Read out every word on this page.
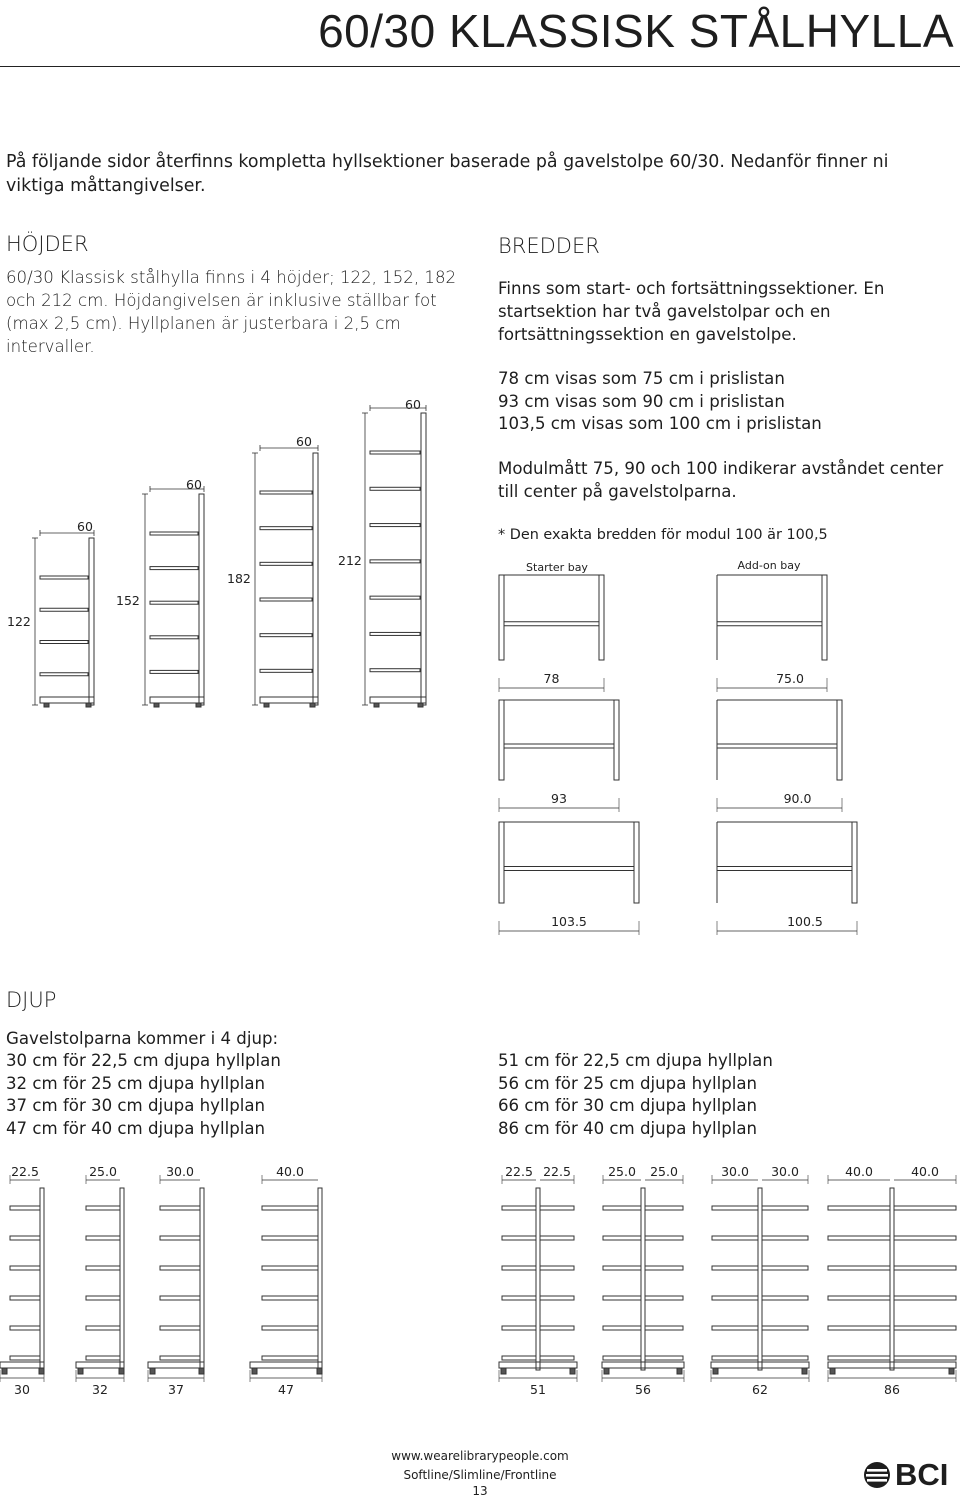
60/30 KLASSISK STÅLHYLLA
På följande sidor återfinns kompletta hyllsektioner baserade på gavelstolpe 60/30. Nedanför finner ni viktiga måttangivelser.
HÖJDER
60/30 Klassisk stålhylla finns i 4 höjder; 122, 152, 182 och 212 cm. Höjdangivelsen är inklusive ställbar fot (max 2,5 cm). Hyllplanen är justerbara i 2,5 cm intervaller.
BREDDER
Finns som start- och fortsättningssektioner. En startsektion har två gavelstolpar och en fortsättningssektion en gavelstolpe.
78 cm visas som 75 cm i prislistan
93 cm visas som 90 cm i prislistan
103,5 cm visas som 100 cm i prislistan
Modulmått 75, 90 och 100 indikerar avståndet center till center på gavelstolparna.
* Den exakta bredden för modul 100 är 100,5
DJUP
Gavelstolparna kommer i 4 djup:
30 cm för 22,5 cm djupa hyllplan
32 cm för 25 cm djupa hyllplan
37 cm för 30 cm djupa hyllplan
47 cm för 40 cm djupa hyllplan
51 cm för 22,5 cm djupa hyllplan
56 cm för 25 cm djupa hyllplan
66 cm för 30 cm djupa hyllplan
86 cm för 40 cm djupa hyllplan
www.wearelibrarypeople.com
Softline/Slimline/Frontline
13	BCI
60
122
60
152
60
182
60
212	Starter bay	Add-on bay
78	75.0
93	90.0
103.5	100.5
22.5
30
25.0
32
30.0
37
40.0
47
22.5 22.5
51
25.0 25.0
56
30.0 30.0
62
40.0	40.0
86
